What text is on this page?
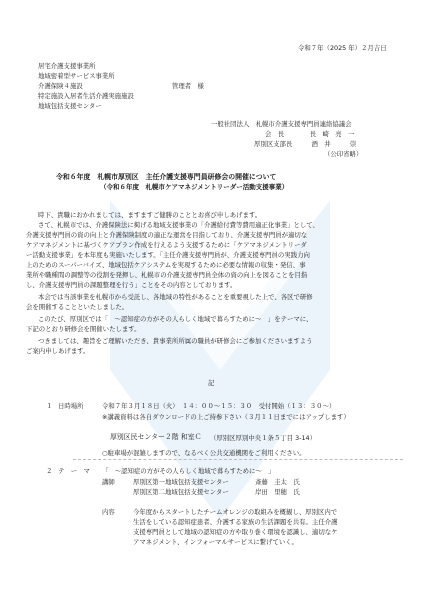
令和７年（2025 年）２月吉日
居宅介護支援事業所
地域密着型サービス事業所
介護保険４施設	管理者　様
特定施設入居者生活介護実施施設
地域包括支援センター
一般社団法人　札幌市介護支援専門員連絡協議会
会　長　　　　長　崎　亮　一
厚別区支部長　　　酒　井　　　崇
（公印省略）
令和６年度　札幌市厚別区　主任介護支援専門員研修会の開催について
（令和６年度　札幌市ケアマネジメントリーダー活動支援事業）
時下、貴職におかれましては、ますますご健勝のこととお喜び申しあげます。
さて、札幌市では、介護保険法に掲げる地域支援事業の「介護給付費等費用適正化事業」として、
介護支援専門員の資の向上と介護保険制度の適正な運営を目指しており、介護支援専門員が適切な
ケアマネジメントに基づくケアプラン作成を行えるよう支援するために「ケアマネジメントリーダ
ー活動支援事業」を本年度も実施いたします。「主任介護支援専門員が、介護支援専門員の実践力向
上のためのスーパーバイズ、地域包括ケアシステムを実現するために必要な情報の収集・発信、事
業所や職種間の調整等の役割を発揮し、札幌市の介護支援専門員全体の資の向上を図ることを目指
し、介護支援専門員の課題整理を行う」ことをその内容としております。
本会では当該事業を札幌市から受託し、各地域の特性があることを重要視した上で、各区で研修
会を開催することといたしました。
このたび、厚別区では「　～認知症の方がその人らしく地域で暮らすために～　」をテーマに、
下記のとおり研修会を開催いたします。
つきましては、趣旨をご理解いただき、貴事業所所属の職員が研修会にご参加くださいますよう
ご案内申しあげます。
記
１ 日時場所	令和７年３月１８日（火）　１４：００～１５：３０　受付開始（１３：３０～）
※講義資料は各自ダウンロードの上ご持参下さい（３月１１日までにはアップします）
厚別区民センター２階 和室Ｃ （厚別区厚別中央１条５丁目 3-14）
○駐車場が混雑しますので、なるべく公共交通機関をご利用ください。
２ テ　ー　マ 「　～認知症の方がその人らしく地域で暮らすために～　」
講師	厚別区第一地域包括支援センター	斎藤　圭太　氏
厚別区第二地域包括支援センター	岸田　里穂　氏
内容	今年度からスタートしたチームオレンジの取組みを概観し、厚別区内で
生活をしている認知症患者、介護する家族の生活課題を共有。主任介護
支援専門員として地域の認知症の方や取り巻く環境を認識し、適切なケ
アマネジメント、インフォーマルサービスに繋げていく。
